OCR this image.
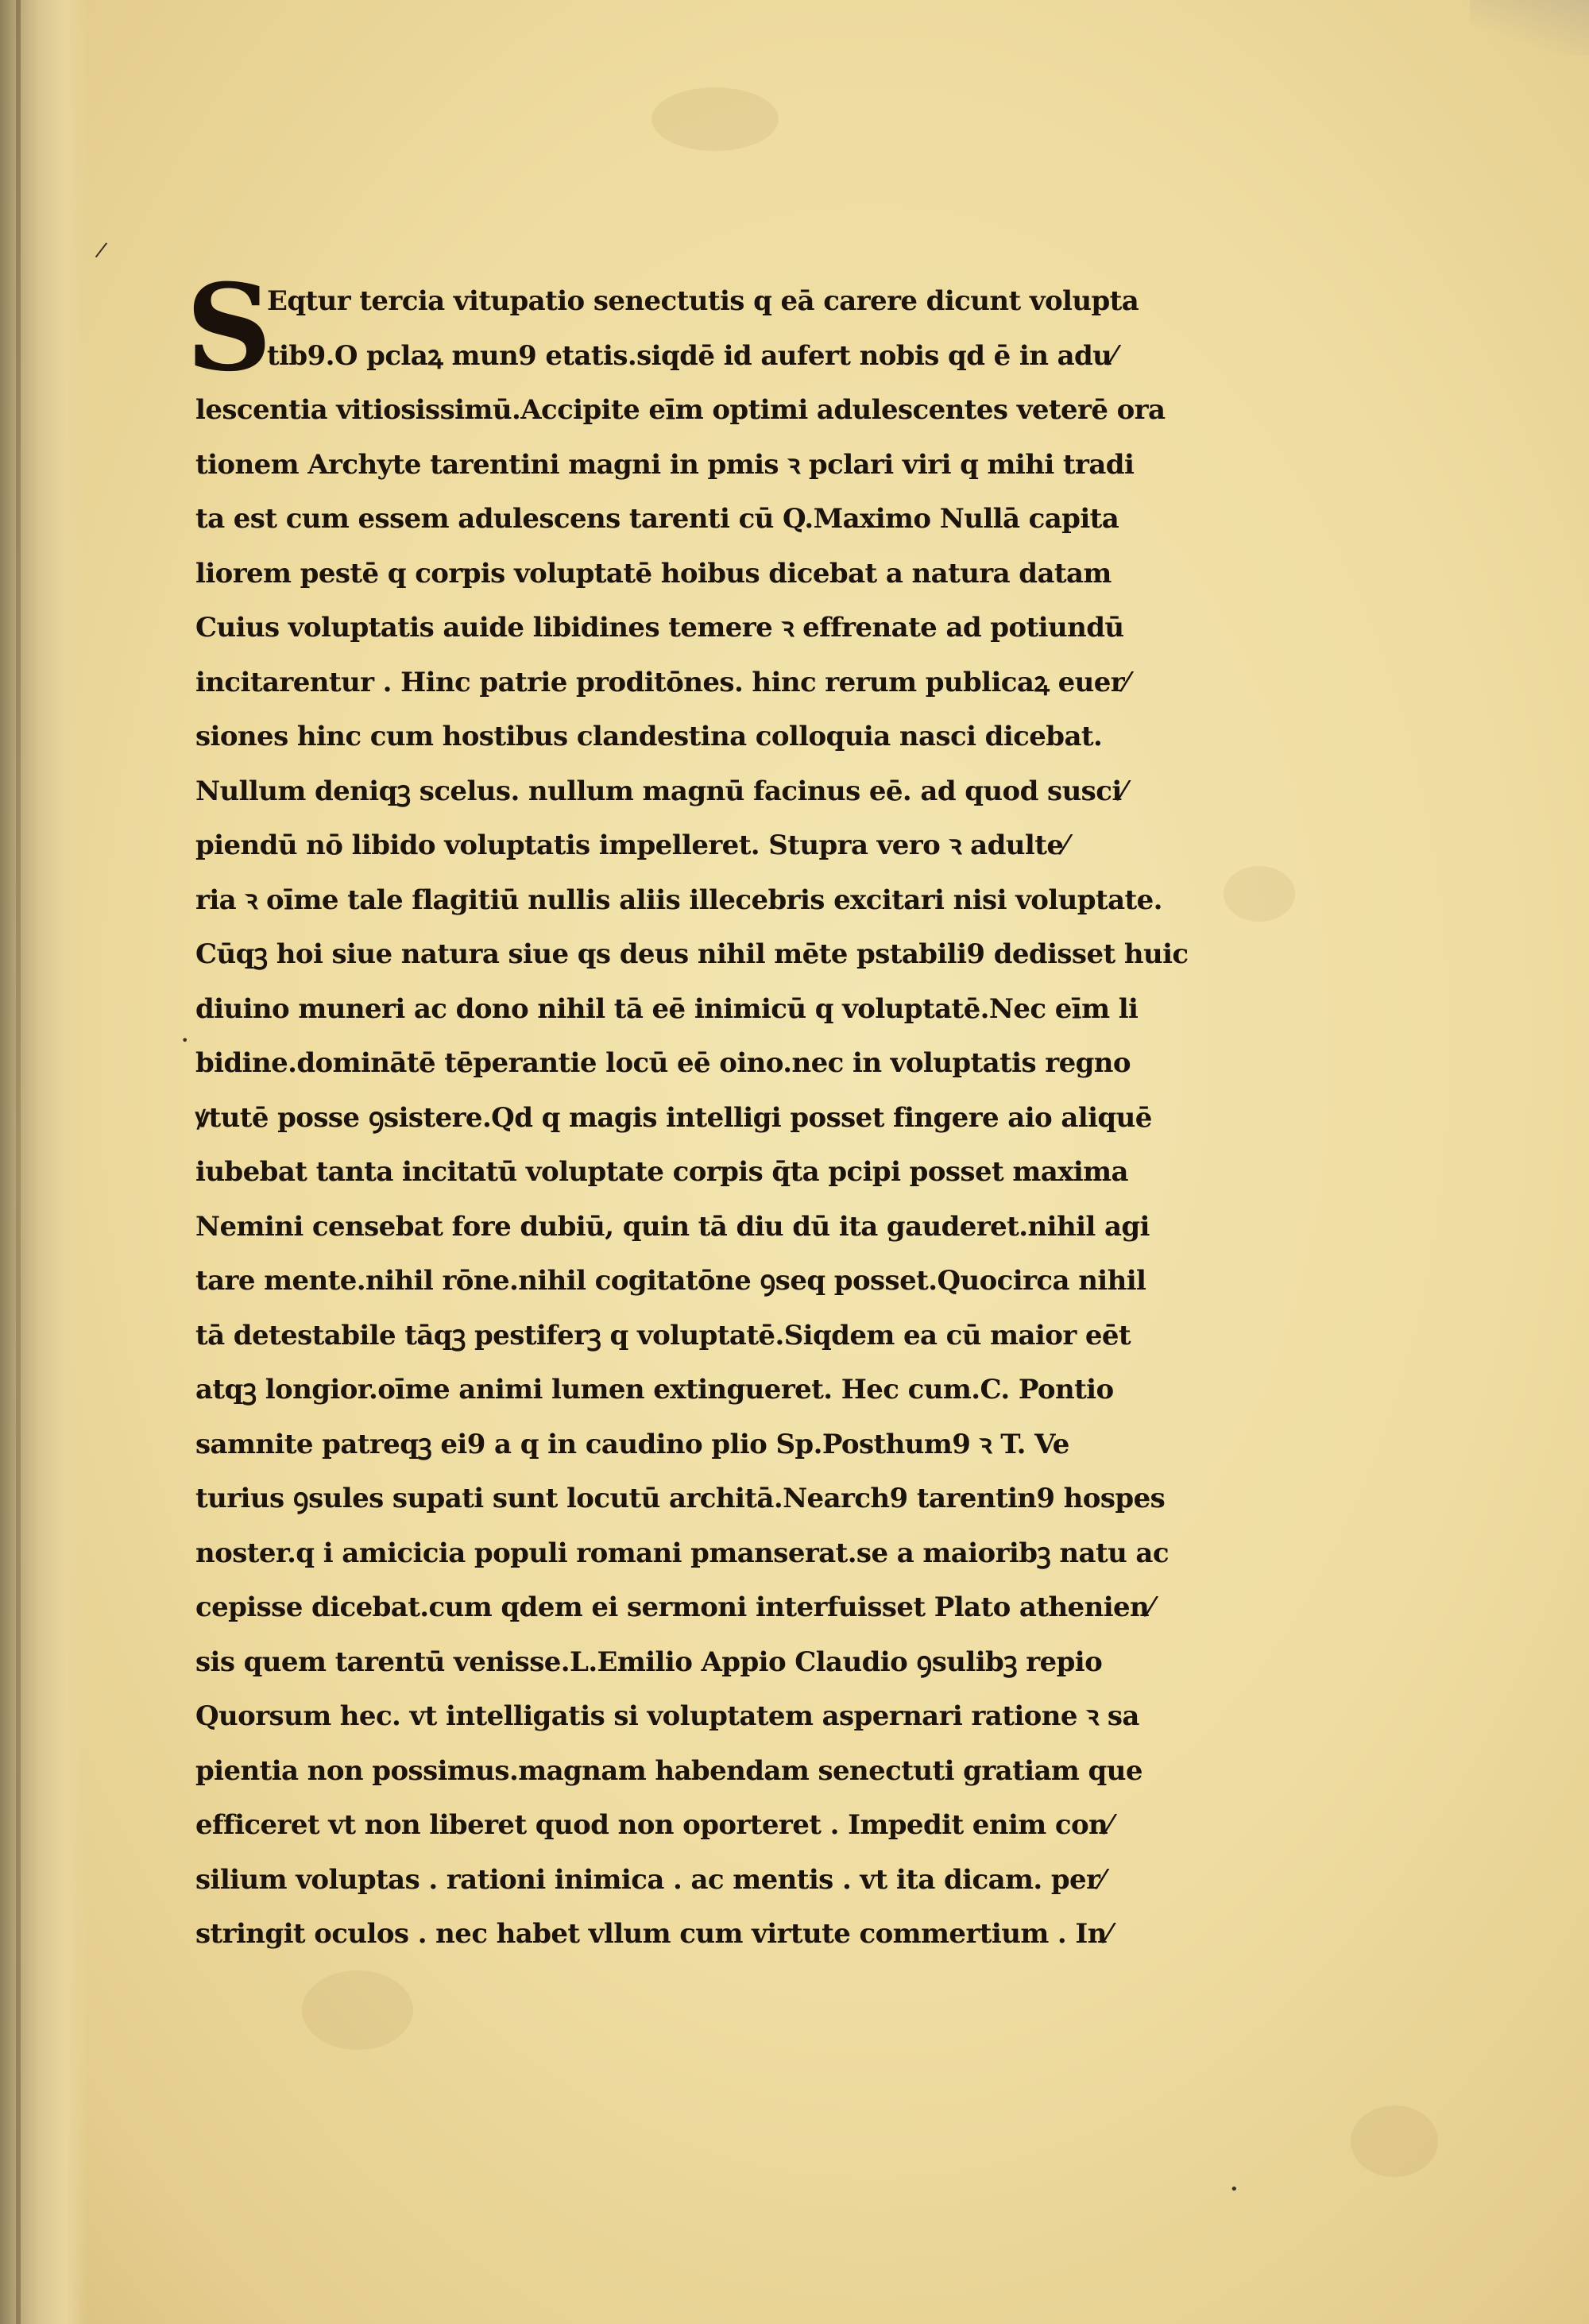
/
•
•
S
Eqtur tercia vitupatio senectutis q eā carere dicunt volupta
tib9.O pclaꝝ mun9 etatis.siqdē id aufert nobis qd ē in adu⁄
lescentia vitiosissimū.Accipite eīm optimi adulescentes veterē ora
tionem Archyte tarentini magni in pmis ꝛ pclari viri q mihi tradi
ta est cum essem adulescens tarenti cū Q.Maximo Nullā capita
liorem pestē q corpis voluptatē hoibus dicebat a natura datam
Cuius voluptatis auide libidines temere ꝛ effrenate ad potiundū
incitarentur . Hinc patrie proditōnes. hinc rerum publicaꝝ euer⁄
siones hinc cum hostibus clandestina colloquia nasci dicebat.
Nullum deniqꝫ scelus. nullum magnū facinus eē. ad quod susci⁄
piendū nō libido voluptatis impelleret. Stupra vero ꝛ adulte⁄
ria ꝛ oīme tale flagitiū nullis aliis illecebris excitari nisi voluptate.
Cūqꝫ hoi siue natura siue qs deus nihil mēte pstabili9 dedisset huic
diuino muneri ac dono nihil tā eē inimicū q voluptatē.Nec eīm li
bidine.dominātē tēperantie locū eē oino.nec in voluptatis regno
ꝟtutē posse ꝯsistere.Qd q magis intelligi posset fingere aio aliquē
iubebat tanta incitatū voluptate corpis q̄ta pcipi posset maxima
Nemini censebat fore dubiū, quin tā diu dū ita gauderet.nihil agi
tare mente.nihil rōne.nihil cogitatōne ꝯseq posset.Quocirca nihil
tā detestabile tāqꝫ pestiferꝫ q voluptatē.Siqdem ea cū maior eēt
atqꝫ longior.oīme animi lumen extingueret. Hec cum.C. Pontio
samnite patreqꝫ ei9 a q in caudino plio Sp.Posthum9 ꝛ T. Ve
turius ꝯsules supati sunt locutū architā.Nearch9 tarentin9 hospes
noster.q i amicicia populi romani pmanserat.se a maioribꝫ natu ac
cepisse dicebat.cum qdem ei sermoni interfuisset Plato athenien⁄
sis quem tarentū venisse.L.Emilio Appio Claudio ꝯsulibꝫ repio
Quorsum hec. vt intelligatis si voluptatem aspernari ratione ꝛ sa
pientia non possimus.magnam habendam senectuti gratiam que
efficeret vt non liberet quod non oporteret . Impedit enim con⁄
silium voluptas . rationi inimica . ac mentis . vt ita dicam. per⁄
stringit oculos . nec habet vllum cum virtute commertium . In⁄
